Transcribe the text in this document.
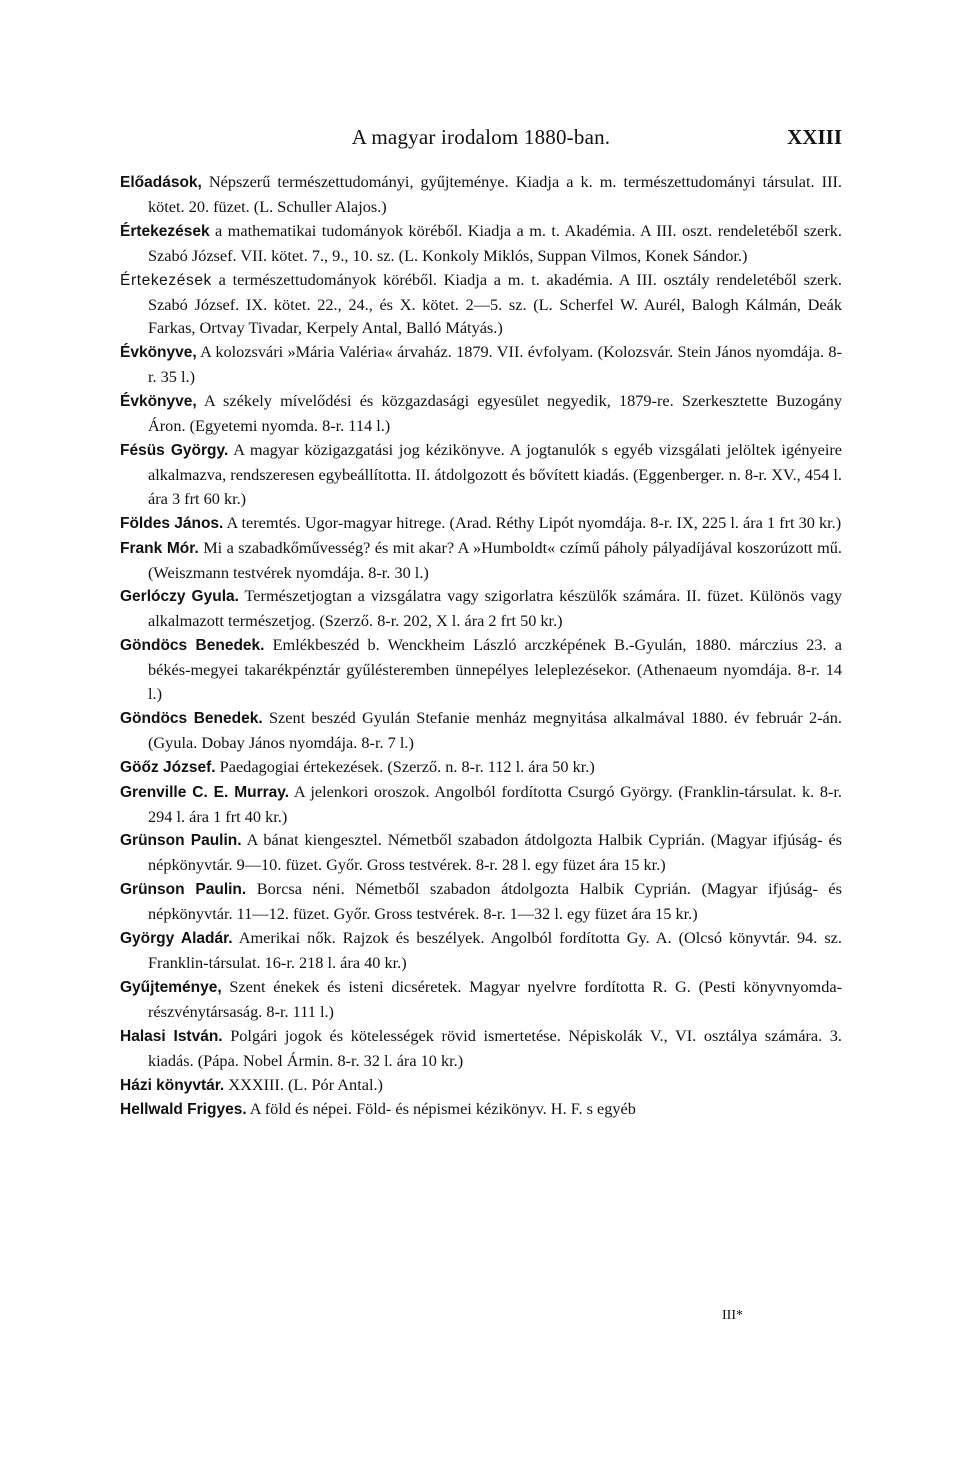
A magyar irodalom 1880-ban.	XXIII

Előadások, Népszerű természettudományi, gyűjteménye. Kiadja a k. m. természettudományi társulat. III. kötet. 20. füzet. (L. Schuller Alajos.)

Értekezések a mathematikai tudományok köréből. Kiadja a m. t. Akadémia. A III. oszt. rendeletéből szerk. Szabó József. VII. kötet. 7., 9., 10. sz. (L. Konkoly Miklós, Suppan Vilmos, Konek Sándor.)

Értekezések a természettudományok köréből. Kiadja a m. t. akadémia. A III. osztály rendeletéből szerk. Szabó József. IX. kötet. 22., 24., és X. kötet. 2—5. sz. (L. Scherfel W. Aurél, Balogh Kálmán, Deák Farkas, Ortvay Tivadar, Kerpely Antal, Balló Mátyás.)

Évkönyve, A kolozsvári »Mária Valéria« árvaház. 1879. VII. évfolyam. (Kolozsvár. Stein János nyomdája. 8-r. 35 l.)

Évkönyve, A székely mívelődési és közgazdasági egyesület negyedik, 1879-re. Szerkesztette Buzogány Áron. (Egyetemi nyomda. 8-r. 114 l.)

Fésüs György. A magyar közigazgatási jog kézikönyve. A jogtanulók s egyéb vizsgálati jelöltek igényeire alkalmazva, rendszeresen egybeállította. II. átdolgozott és bővített kiadás. (Eggenberger. n. 8-r. XV., 454 l. ára 3 frt 60 kr.)

Földes János. A teremtés. Ugor-magyar hitrege. (Arad. Réthy Lipót nyomdája. 8-r. IX, 225 l. ára 1 frt 30 kr.)

Frank Mór. Mi a szabadkőművesség? és mit akar? A »Humboldt« czímű páholy pályadíjával koszorúzott mű. (Weiszmann testvérek nyomdája. 8-r. 30 l.)

Gerlóczy Gyula. Természetjogtan a vizsgálatra vagy szigorlatra készülők számára. II. füzet. Különös vagy alkalmazott természetjog. (Szerző. 8-r. 202, X l. ára 2 frt 50 kr.)

Göndöcs Benedek. Emlékbeszéd b. Wenckheim László arczképének B.-Gyulán, 1880. márczius 23. a békés-megyei takarékpénztár gyűlésteremben ünnepélyes leleplezésekor. (Athenaeum nyomdája. 8-r. 14 l.)

Göndöcs Benedek. Szent beszéd Gyulán Stefanie menház megnyitása alkalmával 1880. év február 2-án. (Gyula. Dobay János nyomdája. 8-r. 7 l.)

Göőz József. Paedagogiai értekezések. (Szerző. n. 8-r. 112 l. ára 50 kr.)

Grenville C. E. Murray. A jelenkori oroszok. Angolból fordította Csurgó György. (Franklin-társulat. k. 8-r. 294 l. ára 1 frt 40 kr.)

Grünson Paulin. A bánat kiengesztel. Németből szabadon átdolgozta Halbik Cyprián. (Magyar ifjúság- és népkönyvtár. 9—10. füzet. Győr. Gross testvérek. 8-r. 28 l. egy füzet ára 15 kr.)

Grünson Paulin. Borcsa néni. Németből szabadon átdolgozta Halbik Cyprián. (Magyar ifjúság- és népkönyvtár. 11—12. füzet. Győr. Gross testvérek. 8-r. 1—32 l. egy füzet ára 15 kr.)

György Aladár. Amerikai nők. Rajzok és beszélyek. Angolból fordította Gy. A. (Olcsó könyvtár. 94. sz. Franklin-társulat. 16-r. 218 l. ára 40 kr.)

Gyűjteménye, Szent énekek és isteni dicséretek. Magyar nyelvre fordította R. G. (Pesti könyvnyomda-részvénytársaság. 8-r. 111 l.)

Halasi István. Polgári jogok és kötelességek rövid ismertetése. Népiskolák V., VI. osztálya számára. 3. kiadás. (Pápa. Nobel Ármin. 8-r. 32 l. ára 10 kr.)

Házi könyvtár. XXXIII. (L. Pór Antal.)

Hellwald Frigyes. A föld és népei. Föld- és népismei kézikönyv. H. F. s egyéb

III*
